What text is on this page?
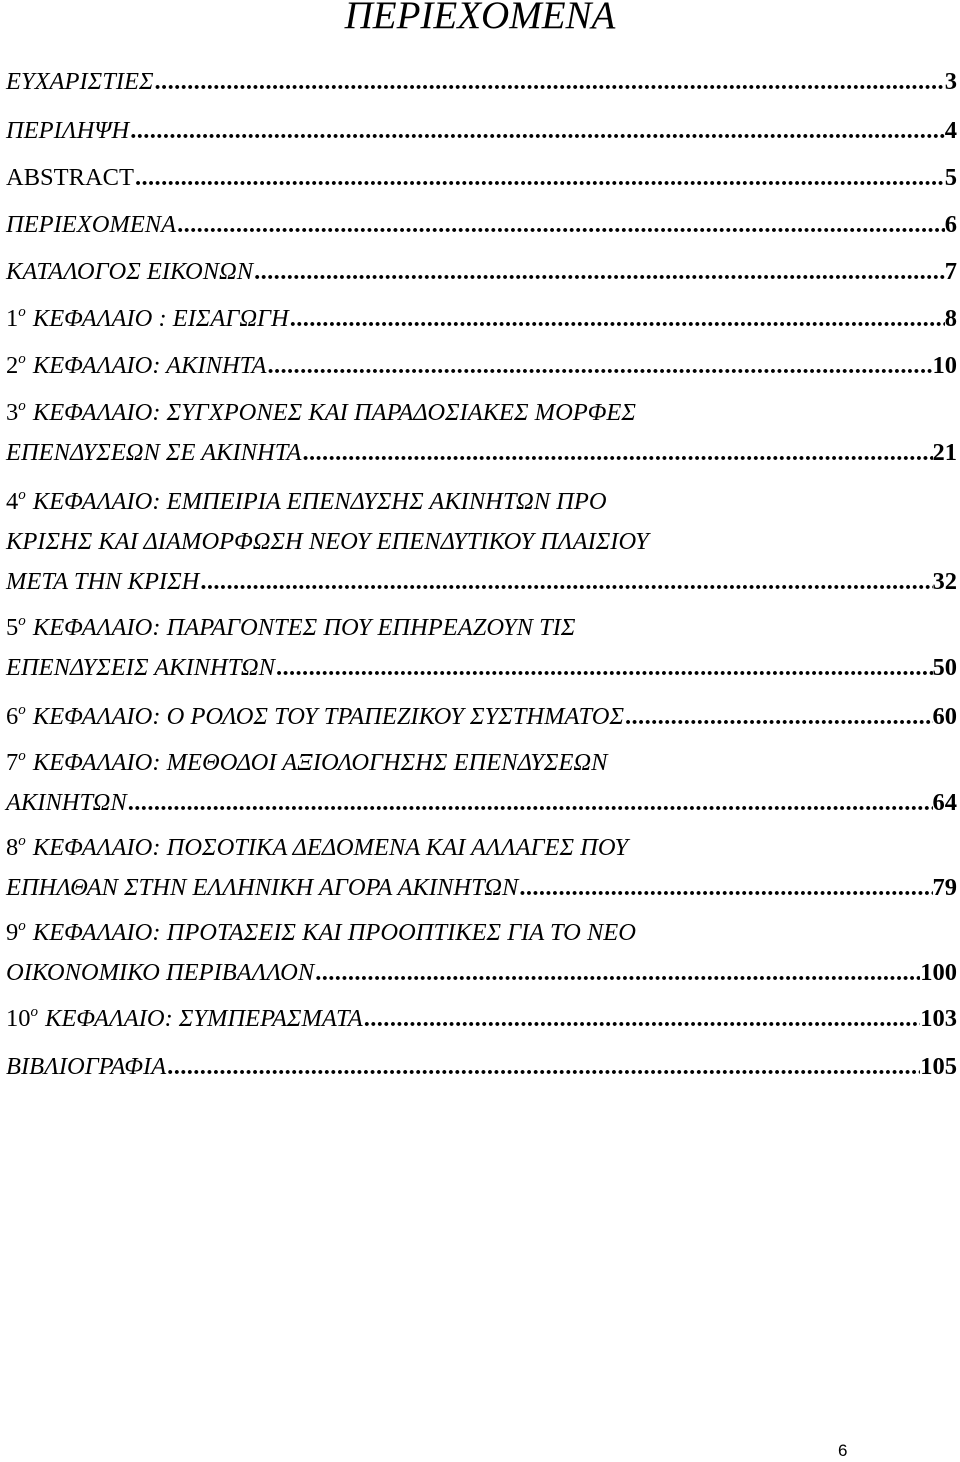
ΠΕΡΙΕΧΟΜΕΝΑ
ΕΥΧΑΡΙΣΤΙΕΣ .....	3
ΠΕΡΙΛΗΨΗ .....	4
ABSTRACT .....	5
ΠΕΡΙΕΧΟΜΕΝΑ .....	6
ΚΑΤΑΛΟΓΟΣ ΕΙΚΟΝΩΝ .....	7
1 ο
ΚΕΦΑΛΑΙΟ : ΕΙΣΑΓΩΓΗ .....	8
2 ο
ΚΕΦΑΛΑΙΟ: ΑΚΙΝΗΤΑ .....	10
$3^o$ ΚΕΦΑΛΑΙΟ: ΣΥΓΧΡΟΝΕΣ ΚΑΙ ΠΑΡΑΔΟΣΙΑΚΕΣ ΜΟΡΦΕΣ
ΕΠΕΝΔΥΣΕΩΝ ΣΕ ΑΚΙΝΗΤΑ .....	21
$4^o$ ΚΕΦΑΛΑΙΟ: ΕΜΠΕΙΡΙΑ ΕΠΕΝΔΥΣΗΣ ΑΚΙΝΗΤΩΝ ΠΡΟ
ΚΡΙΣΗΣ ΚΑΙ ΔΙΑΜΟΡΦΩΣΗ ΝΕΟΥ ΕΠΕΝΔΥΤΙΚΟΥ ΠΛΑΙΣΙΟΥ
ΜΕΤΑ ΤΗΝ ΚΡΙΣΗ .....	32
$5^o$ ΚΕΦΑΛΑΙΟ: ΠΑΡΑΓΟΝΤΕΣ ΠΟΥ ΕΠΗΡΕΑΖΟΥΝ ΤΙΣ
ΕΠΕΝΔΥΣΕΙΣ ΑΚΙΝΗΤΩΝ .....	50
6 ο
ΚΕΦΑΛΑΙΟ: Ο ΡΟΛΟΣ ΤΟΥ ΤΡΑΠΕΖΙΚΟΥ ΣΥΣΤΗΜΑΤΟΣ .....	60
$7^o$ ΚΕΦΑΛΑΙΟ: ΜΕΘΟΔΟΙ ΑΞΙΟΛΟΓΗΣΗΣ ΕΠΕΝΔΥΣΕΩΝ
ΑΚΙΝΗΤΩΝ .....	64
$8^o$ ΚΕΦΑΛΑΙΟ: ΠΟΣΟΤΙΚΑ ΔΕΔΟΜΕΝΑ ΚΑΙ ΑΛΛΑΓΕΣ ΠΟΥ
ΕΠΗΛΘΑΝ ΣΤΗΝ ΕΛΛΗΝΙΚΗ ΑΓΟΡΑ ΑΚΙΝΗΤΩΝ .....	79
$9^o$ ΚΕΦΑΛΑΙΟ: ΠΡΟΤΑΣΕΙΣ ΚΑΙ ΠΡΟΟΠΤΙΚΕΣ ΓΙΑ ΤΟ ΝΕΟ
ΟΙΚΟΝΟΜΙΚΟ ΠΕΡΙΒΑΛΛΟΝ .....	100
10 ο
ΚΕΦΑΛΑΙΟ: ΣΥΜΠΕΡΑΣΜΑΤΑ .....	103
ΒΙΒΛΙΟΓΡΑΦΙΑ .....	105
6
